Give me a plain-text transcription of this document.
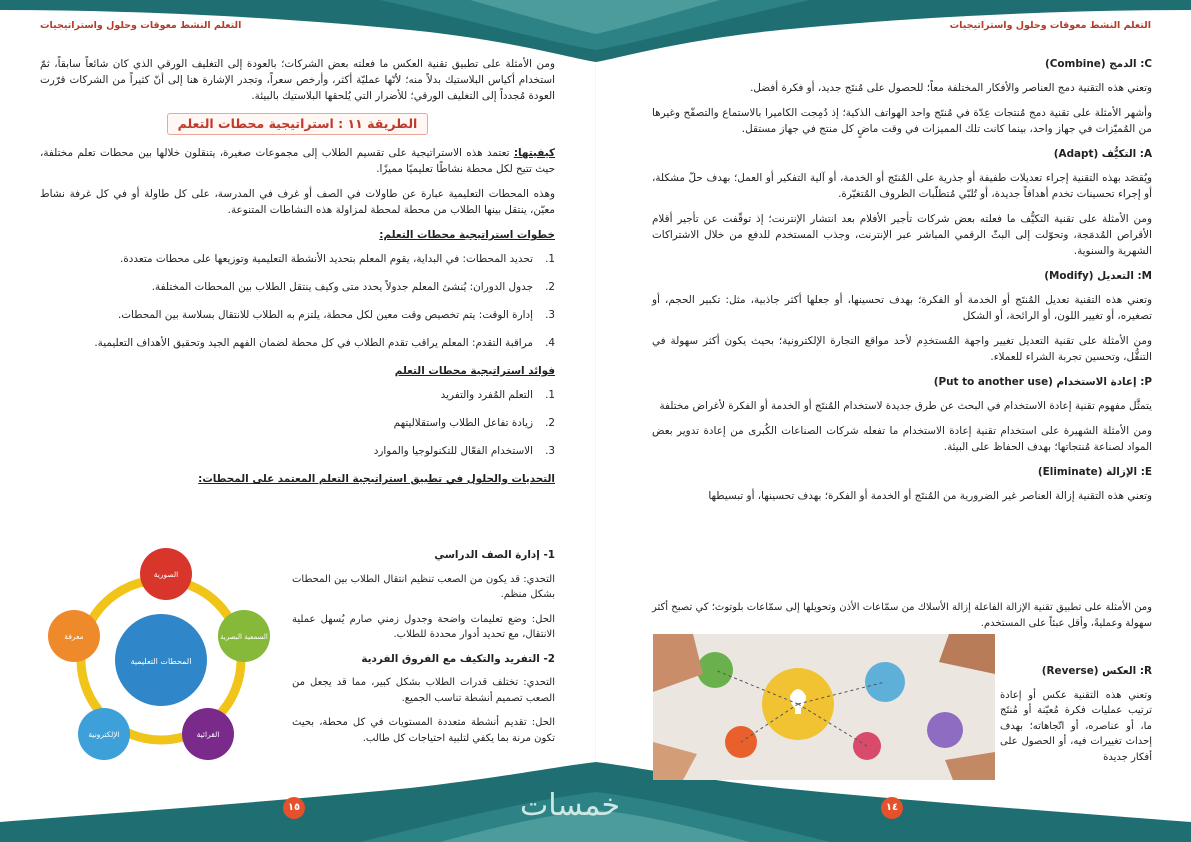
التعلم النشط معوقات وحلول واستراتيجيات	التعلم النشط معوقات وحلول واستراتيجيات

ومن الأمثلة على تطبيق تقنية العكس ما فعلته بعض الشركات؛ بالعودة إلى التغليف الورقي الذي كان شائعاً سابقاً، ثمّ استخدام أكياس البلاستيك بدلاً منه؛ لأنّها عمليّة أكثر، وأرخص سعراً، وتجدر الإشارة هنا إلى أنّ كثيراً من الشركات قرّرت العودة مُجدداً إلى التغليف الورقي؛ للأضرار التي يُلحقها البلاستيك بالبيئة.

الطريقة ١١ : استراتيجية محطات التعلم

كيفيتها: تعتمد هذه الاستراتيجية على تقسيم الطلاب إلى مجموعات صغيرة، يتنقلون خلالها بين محطات تعلم مختلفة، حيث تتيح لكل محطة نشاطًا تعليميًا مميزًا.

وهذه المحطات التعليمية عبارة عن طاولات في الصف أو غرف في المدرسة، على كل طاولة أو في كل غرفة نشاط معيّن، ينتقل بينها الطلاب من محطة لمحطة لمزاولة هذه النشاطات المتنوعة.

خطوات استراتيجية محطات التعلم:
1.
تحديد المحطات: في البداية، يقوم المعلم بتحديد الأنشطة التعليمية وتوزيعها على محطات متعددة.
2.
جدول الدوران: يُنشئ المعلم جدولاً يحدد متى وكيف ينتقل الطلاب بين المحطات المختلفة.
3.
إدارة الوقت: يتم تخصيص وقت معين لكل محطة، يلتزم به الطلاب للانتقال بسلاسة بين المحطات.
4.
مراقبة التقدم: المعلم يراقب تقدم الطلاب في كل محطة لضمان الفهم الجيد وتحقيق الأهداف التعليمية.
فوائد استراتيجية محطات التعلم
1.
التعلم المُفرد والتفريد
2.
زيادة تفاعل الطلاب واستقلاليتهم
3.
الاستخدام الفعّال للتكنولوجيا والموارد
التحديات والحلول في تطبيق استراتيجية التعلم المعتمد على المحطات:
1- إدارة الصف الدراسي

التحدي: قد يكون من الصعب تنظيم انتقال الطلاب بين المحطات بشكل منظم.

الحل: وضع تعليمات واضحة وجدول زمني صارم يُسهل عملية الانتقال، مع تحديد أدوار محددة للطلاب.

2- التفريد والتكيف مع الفروق الفردية

التحدي: تختلف قدرات الطلاب بشكل كبير، مما قد يجعل من الصعب تصميم أنشطة تناسب الجميع.

الحل: تقديم أنشطة متعددة المستويات في كل محطة، بحيث تكون مرنة بما يكفي لتلبية احتياجات كل طالب.

المحطات التعليمية
الصورية
السمعية البصرية
القرائية
الإلكترونية
معرفة
C: الدمج (Combine)

وتعني هذه التقنية دمج العناصر والأفكار المختلفة معاً؛ للحصول على مُنتَج جديد، أو فكرة أفضل.

وأشهر الأمثلة على تقنية دمج مُنتجات عِدّة في مُنتَج واحد الهواتف الذكية؛ إذ دُمِجت الكاميرا بالاستماع والتصفّح وغيرها من المُميّزات في جهاز واحد، بينما كانت تلك المميزات في وقت ماضٍ كل منتج في جهاز مستقل.

A: التكيُّف (Adapt)

ويُقصَد بهذه التقنية إجراء تعديلات طفيفة أو جذرية على المُنتَج أو الخدمة، أو آلية التفكير أو العمل؛ بهدف حلّ مشكلة، أو إجراء تحسينات تخدم أهدافاً جديدة، أو تُلبّي مُتطلّبات الظروف المُتغيّرة.

ومن الأمثلة على تقنية التكيُّف ما فعلته بعض شركات تأجير الأفلام بعد انتشار الإنترنت؛ إذ توقّفت عن تأجير أقلام الأقراص المُدمَجة، وتحوّلت إلى البثّ الرقمي المباشر عبر الإنترنت، وجذب المستخدم للدفع من خلال الاشتراكات الشهرية والسنوية.

M: التعديل (Modify)

وتعني هذه التقنية تعديل المُنتَج أو الخدمة أو الفكرة؛ بهدف تحسينها، أو جعلها أكثر جاذبية، مثل: تكبير الحجم، أو تصغيره، أو تغيير اللون، أو الرائحة، أو الشكل

ومن الأمثلة على تقنية التعديل تغيير واجهة المُستخدِم لأحد مواقع التجارة الإلكترونية؛ بحيث يكون أكثر سهولة في التنقُّل، وتحسين تجربة الشراء للعملاء.

P: إعادة الاستخدام (Put to another use)

يتمثَّل مفهوم تقنية إعادة الاستخدام في البحث عن طرق جديدة لاستخدام المُنتَج أو الخدمة أو الفكرة لأغراض مختلفة

ومن الأمثلة الشهيرة على استخدام تقنية إعادة الاستخدام ما تفعله شركات الصناعات الكُبرى من إعادة تدوير بعض المواد لصناعة مُنتجاتها؛ بهدف الحفاظ على البيئة.

E: الإزالة (Eliminate)

وتعني هذه التقنية إزالة العناصر غير الضرورية من المُنتَج أو الخدمة أو الفكرة؛ بهدف تحسينها، أو تبسيطها

ومن الأمثلة على تطبيق تقنية الإزالة الفاعلة إزالة الأسلاك من سمّاعات الأذن وتحويلها إلى سمّاعات بلوتوث؛ كي تصبح أكثر سهولة وعمليةً، وأقل عبئاً على المستخدم.

R: العكس (Reverse)

وتعني هذه التقنية عكس أو إعادة ترتيب عمليات فكرة مُعيّنة أو مُنتَج ما، أو عناصره، أو اتّجاهاته؛ بهدف إحداث تغييرات فيه، أو الحصول على أفكار جديدة

١٥	١٤
خمسات
